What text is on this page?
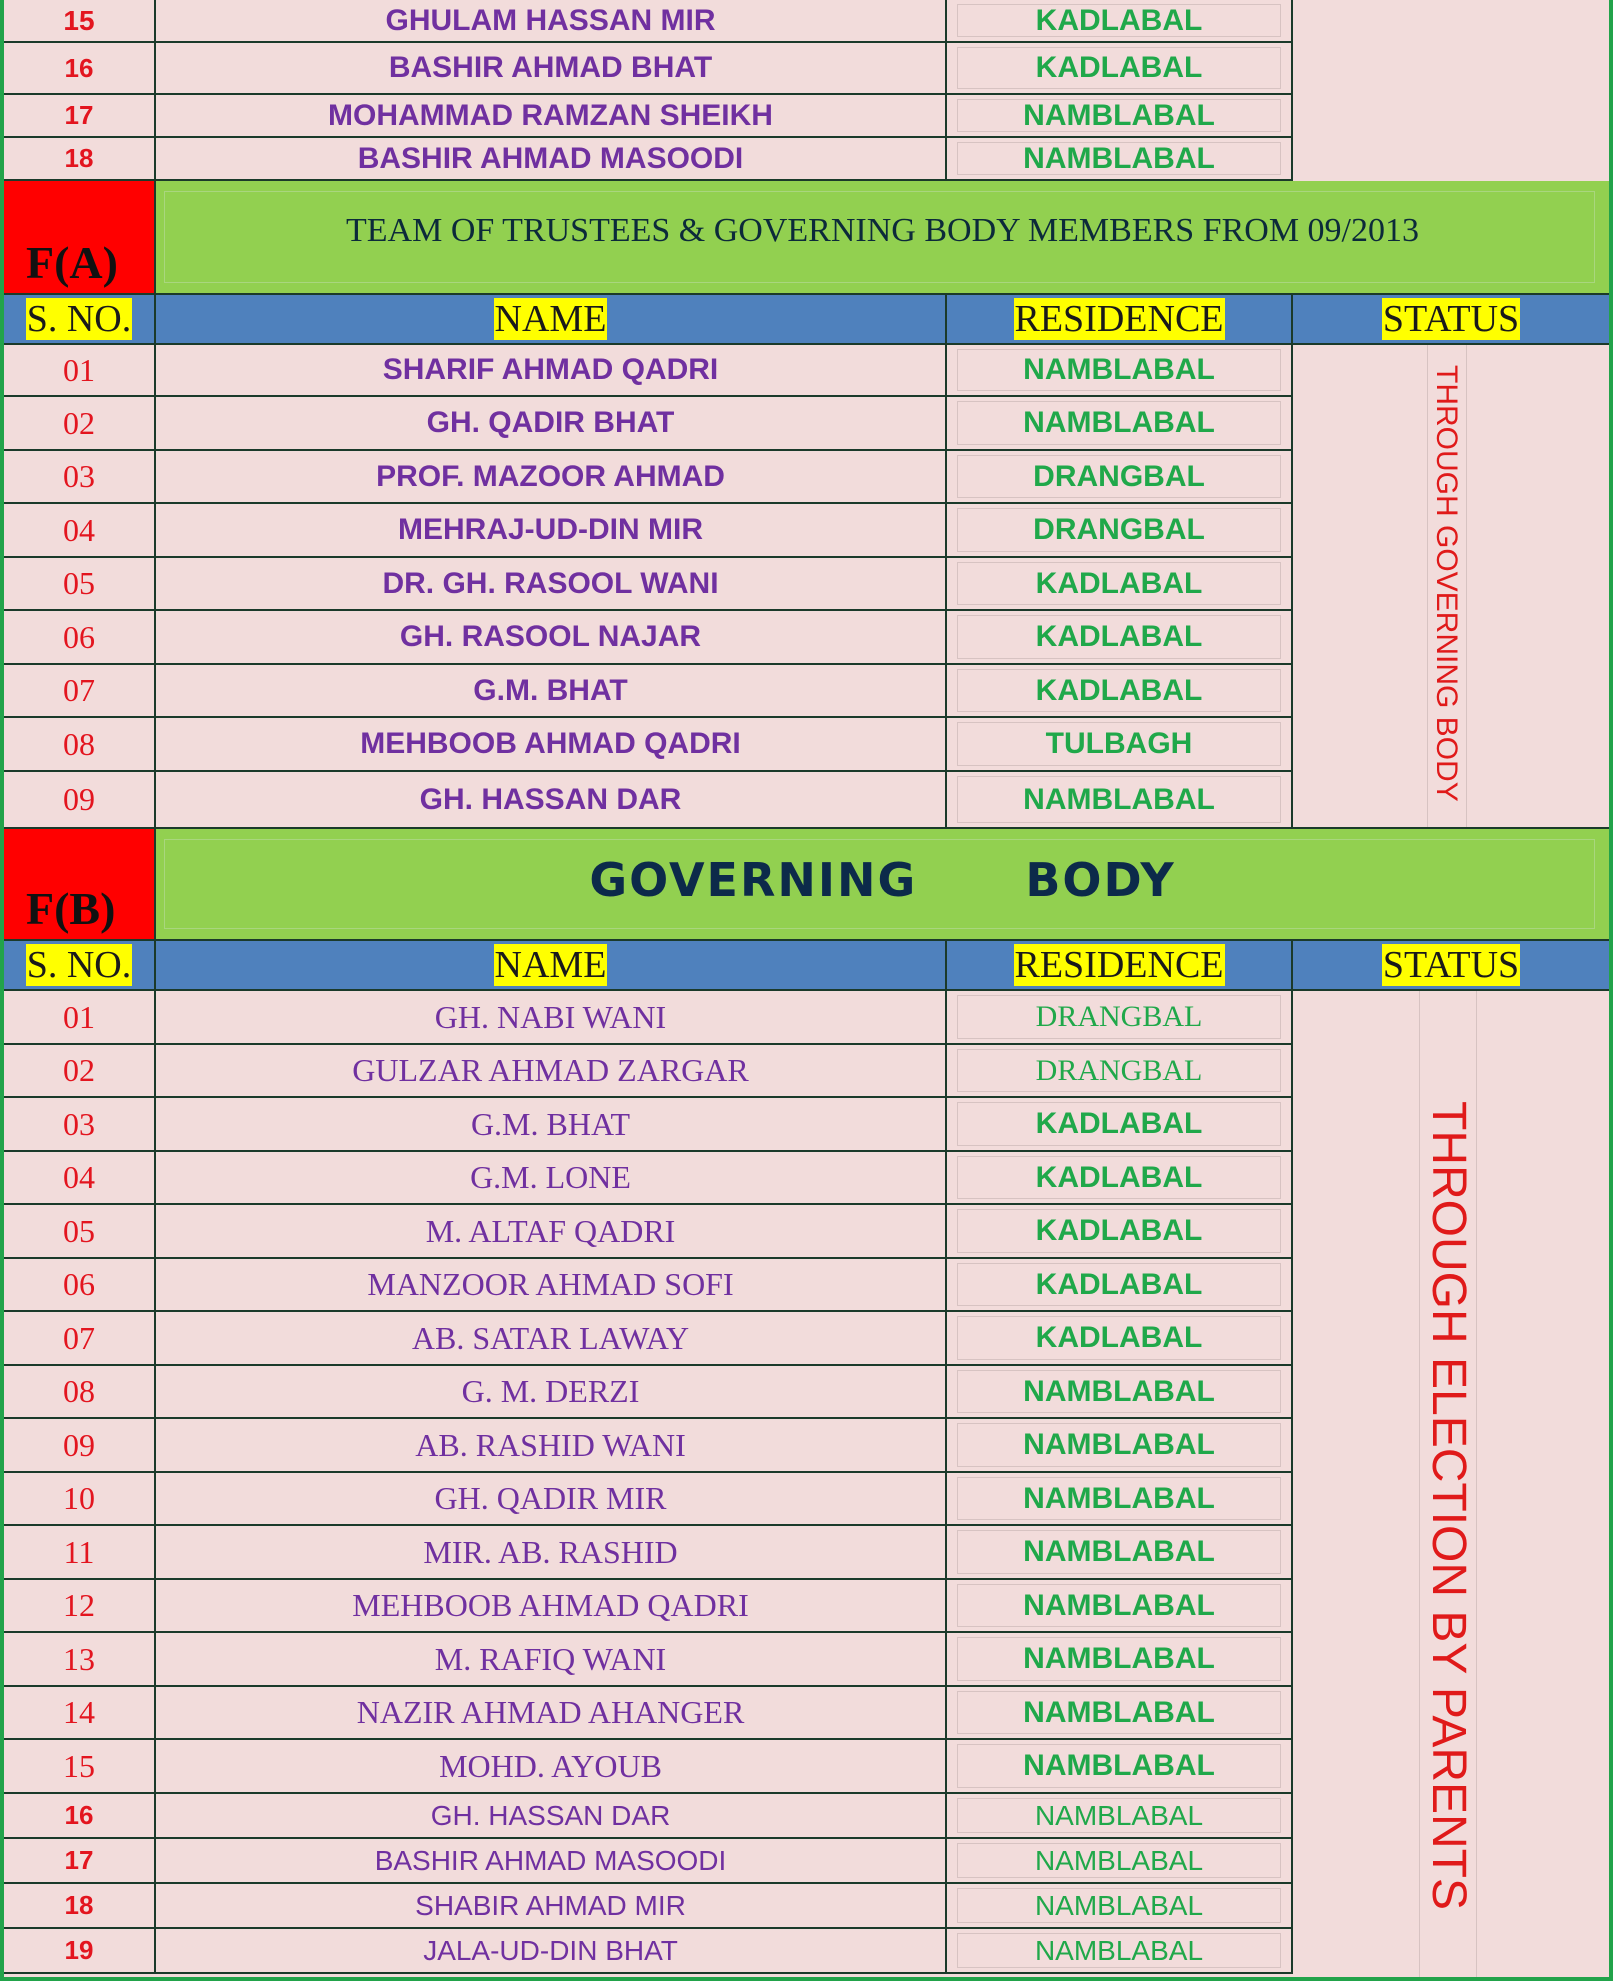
15	GHULAM HASSAN MIR	KADLABAL
16	BASHIR AHMAD BHAT	KADLABAL
17	MOHAMMAD RAMZAN SHEIKH	NAMBLABAL
18	BASHIR AHMAD MASOODI	NAMBLABAL
F(A)
TEAM OF TRUSTEES & GOVERNING BODY MEMBERS FROM 09/2013
S. NO.	NAME	RESIDENCE	STATUS
01	SHARIF AHMAD QADRI	NAMBLABAL
02	GH. QADIR BHAT	NAMBLABAL
03	PROF. MAZOOR AHMAD	DRANGBAL
04	MEHRAJ-UD-DIN MIR	DRANGBAL
05	DR. GH. RASOOL WANI	KADLABAL
06	GH. RASOOL NAJAR	KADLABAL
07	G.M. BHAT	KADLABAL
08	MEHBOOB AHMAD QADRI	TULBAGH
09	GH. HASSAN DAR	NAMBLABAL	THROUGH GOVERNING BODY
F(B)
GOVERNING      BODY
S. NO.	NAME	RESIDENCE	STATUS
01	GH. NABI WANI	DRANGBAL
02	GULZAR AHMAD ZARGAR	DRANGBAL
03	G.M. BHAT	KADLABAL
04	G.M. LONE	KADLABAL
05	M. ALTAF QADRI	KADLABAL
06	MANZOOR AHMAD SOFI	KADLABAL
07	AB. SATAR LAWAY	KADLABAL
08	G. M. DERZI	NAMBLABAL
09	AB. RASHID WANI	NAMBLABAL
10	GH. QADIR MIR	NAMBLABAL
11	MIR. AB. RASHID	NAMBLABAL
12	MEHBOOB AHMAD QADRI	NAMBLABAL
13	M. RAFIQ WANI	NAMBLABAL
14	NAZIR AHMAD AHANGER	NAMBLABAL
15	MOHD. AYOUB	NAMBLABAL
16	GH. HASSAN DAR	NAMBLABAL
17	BASHIR AHMAD MASOODI	NAMBLABAL
18	SHABIR AHMAD MIR	NAMBLABAL
19	JALA-UD-DIN BHAT	NAMBLABAL
THROUGH ELECTION BY PARENTS
